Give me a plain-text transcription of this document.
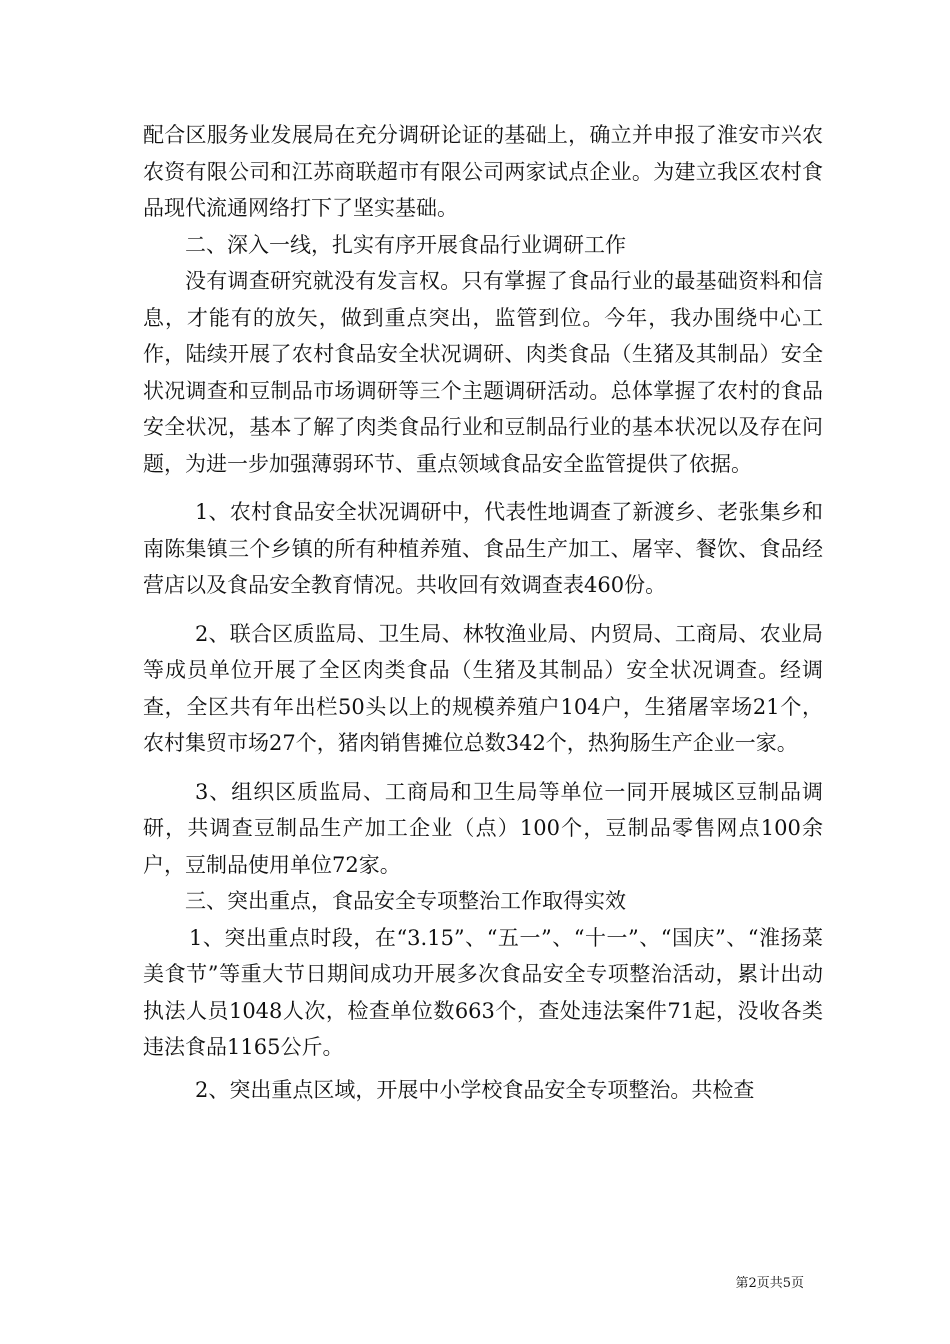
配合区服务业发展局在充分调研论证的基础上，确立并申报了淮安市兴农农资有限公司和江苏商联超市有限公司两家试点企业。为建立我区农村食品现代流通网络打下了坚实基础。

二、深入一线，扎实有序开展食品行业调研工作

没有调查研究就没有发言权。只有掌握了食品行业的最基础资料和信息，才能有的放矢，做到重点突出，监管到位。今年，我办围绕中心工作，陆续开展了农村食品安全状况调研、肉类食品（生猪及其制品）安全状况调查和豆制品市场调研等三个主题调研活动。总体掌握了农村的食品安全状况，基本了解了肉类食品行业和豆制品行业的基本状况以及存在问题，为进一步加强薄弱环节、重点领域食品安全监管提供了依据。

1、农村食品安全状况调研中，代表性地调查了新渡乡、老张集乡和南陈集镇三个乡镇的所有种植养殖、食品生产加工、屠宰、餐饮、食品经营店以及食品安全教育情况。共收回有效调查表460份。

2、联合区质监局、卫生局、林牧渔业局、内贸局、工商局、农业局等成员单位开展了全区肉类食品（生猪及其制品）安全状况调查。经调查，全区共有年出栏50头以上的规模养殖户104户，生猪屠宰场21个，农村集贸市场27个，猪肉销售摊位总数342个，热狗肠生产企业一家。

3、组织区质监局、工商局和卫生局等单位一同开展城区豆制品调研，共调查豆制品生产加工企业（点）100个，豆制品零售网点100余户，豆制品使用单位72家。

三、突出重点，食品安全专项整治工作取得实效

1、突出重点时段，在“3.15”、“五一”、“十一”、“国庆”、“淮扬菜美食节”等重大节日期间成功开展多次食品安全专项整治活动，累计出动执法人员1048人次，检查单位数663个，查处违法案件71起，没收各类违法食品1165公斤。

2、突出重点区域，开展中小学校食品安全专项整治。共检查

第2页共5页
